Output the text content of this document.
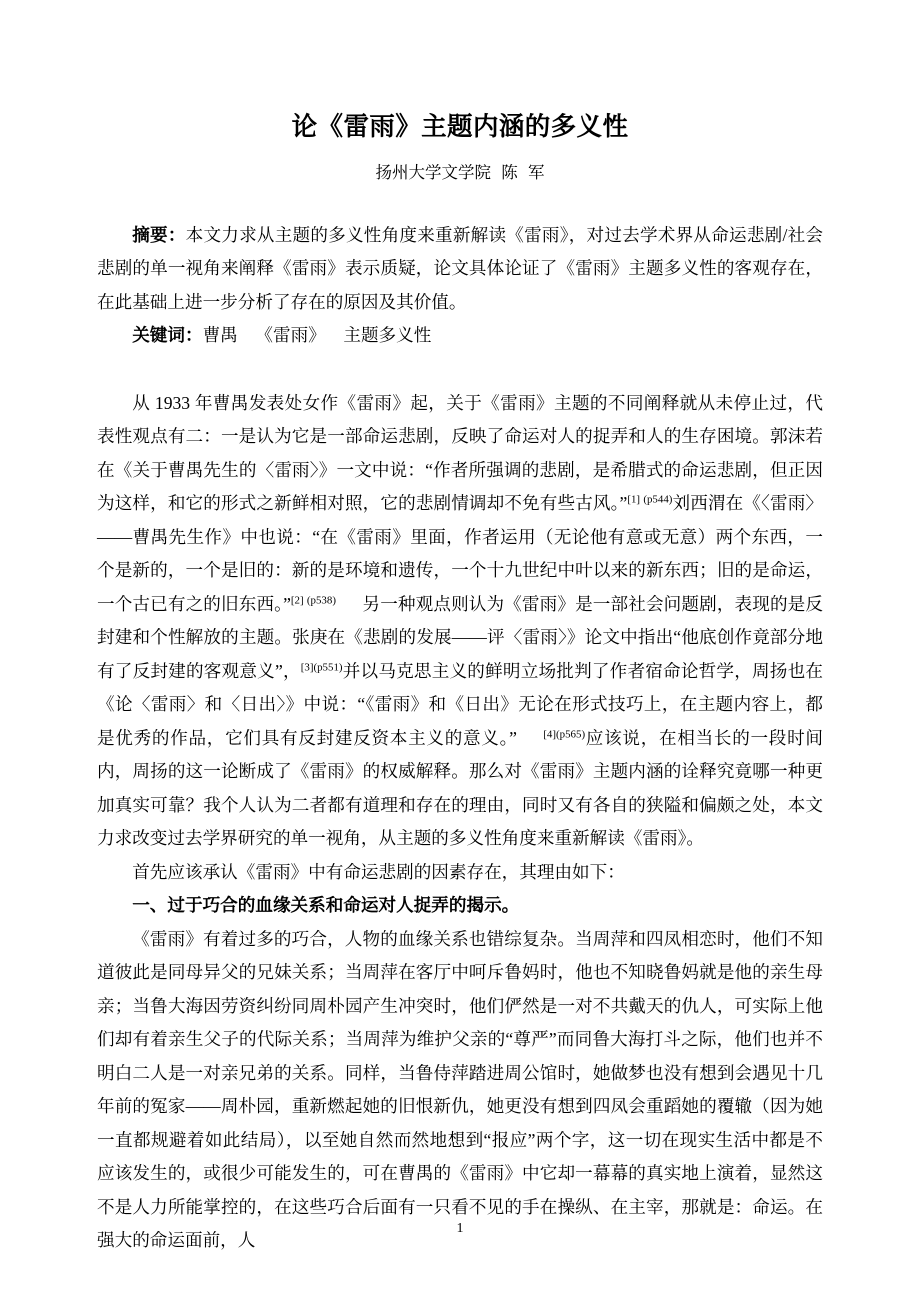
论《雷雨》主题内涵的多义性

扬州大学文学院 陈 军

摘要：本文力求从主题的多义性角度来重新解读《雷雨》，对过去学术界从命运悲剧/社会悲剧的单一视角来阐释《雷雨》表示质疑，论文具体论证了《雷雨》主题多义性的客观存在，在此基础上进一步分析了存在的原因及其价值。

关键词：曹禺 《雷雨》 主题多义性

从 1933 年曹禺发表处女作《雷雨》起，关于《雷雨》主题的不同阐释就从未停止过，代表性观点有二：一是认为它是一部命运悲剧，反映了命运对人的捉弄和人的生存困境。郭沫若在《关于曹禺先生的〈雷雨〉》一文中说：“作者所强调的悲剧，是希腊式的命运悲剧，但正因为这样，和它的形式之新鲜相对照，它的悲剧情调却不免有些古风。”[1] $^{(p544)}$刘西渭在《〈雷雨〉——曹禺先生作》中也说：“在《雷雨》里面，作者运用（无论他有意或无意）两个东西，一个是新的，一个是旧的：新的是环境和遗传，一个十九世纪中叶以来的新东西；旧的是命运，一个古已有之的旧东西。”[2] $^{(p538)}$ 另一种观点则认为《雷雨》是一部社会问题剧，表现的是反封建和个性解放的主题。张庚在《悲剧的发展——评〈雷雨〉》论文中指出“他底创作竟部分地有了反封建的客观意义”，$^{[3](p551)}$并以马克思主义的鲜明立场批判了作者宿命论哲学，周扬也在《论〈雷雨〉和〈日出〉》中说：“《雷雨》和《日出》无论在形式技巧上，在主题内容上，都是优秀的作品，它们具有反封建反资本主义的意义。” $^{[4](p565)}$应该说，在相当长的一段时间内，周扬的这一论断成了《雷雨》的权威解释。那么对《雷雨》主题内涵的诠释究竟哪一种更加真实可靠？我个人认为二者都有道理和存在的理由，同时又有各自的狭隘和偏颇之处，本文力求改变过去学界研究的单一视角，从主题的多义性角度来重新解读《雷雨》。

首先应该承认《雷雨》中有命运悲剧的因素存在，其理由如下：

一、过于巧合的血缘关系和命运对人捉弄的揭示。

《雷雨》有着过多的巧合，人物的血缘关系也错综复杂。当周萍和四凤相恋时，他们不知道彼此是同母异父的兄妹关系；当周萍在客厅中呵斥鲁妈时，他也不知晓鲁妈就是他的亲生母亲；当鲁大海因劳资纠纷同周朴园产生冲突时，他们俨然是一对不共戴天的仇人，可实际上他们却有着亲生父子的代际关系；当周萍为维护父亲的“尊严”而同鲁大海打斗之际，他们也并不明白二人是一对亲兄弟的关系。同样，当鲁侍萍踏进周公馆时，她做梦也没有想到会遇见十几年前的冤家——周朴园，重新燃起她的旧恨新仇，她更没有想到四凤会重蹈她的覆辙（因为她一直都规避着如此结局），以至她自然而然地想到“报应”两个字，这一切在现实生活中都是不应该发生的，或很少可能发生的，可在曹禺的《雷雨》中它却一幕幕的真实地上演着，显然这不是人力所能掌控的，在这些巧合后面有一只看不见的手在操纵、在主宰，那就是：命运。在强大的命运面前，人

1
